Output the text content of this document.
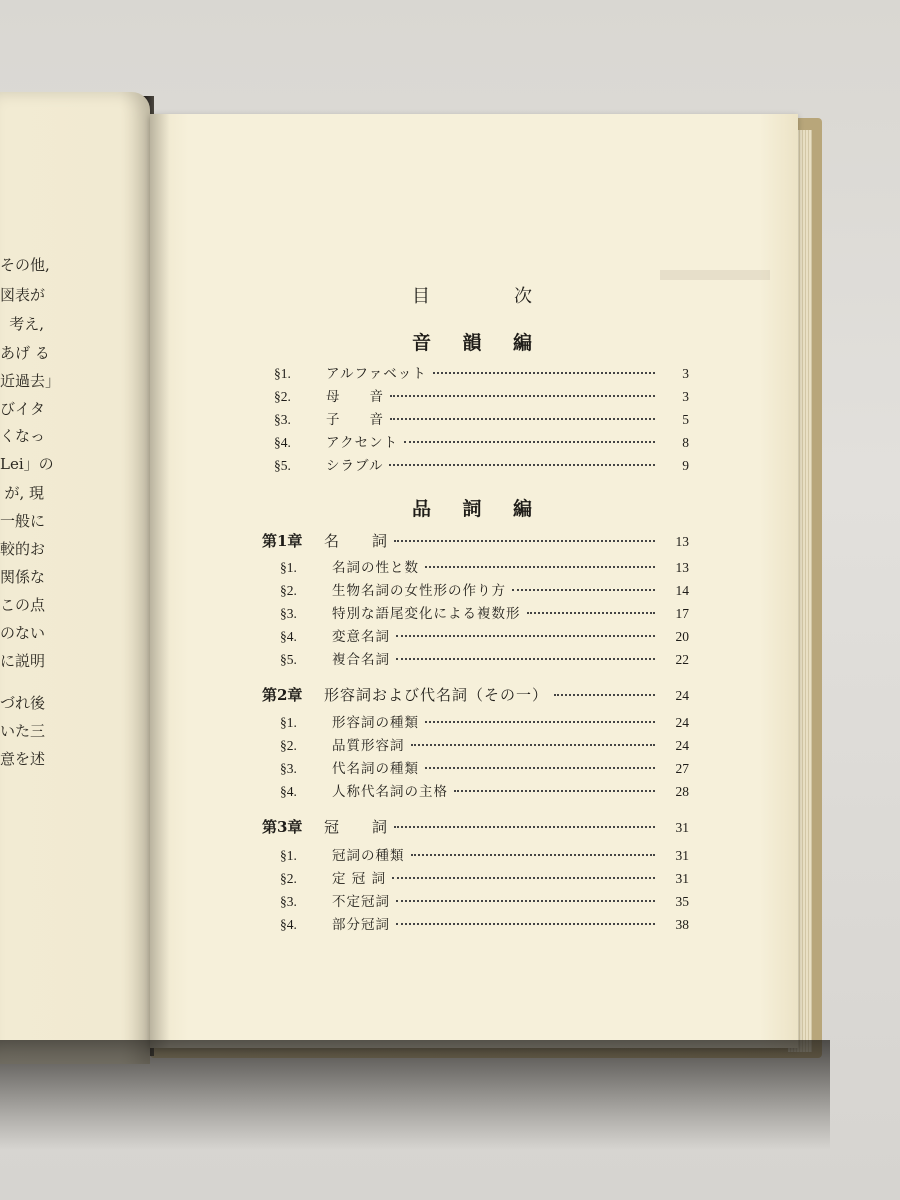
その他,
図表が
考え,
あげ る
近過去」
びイタ
くなっ
Lei」の
が, 現
一般に
較的お
関係な
この点
のない
に説明
づれ後
いた三
意を述
目	次
音 韻 編
§1.	アルファベット	3
§2.	母　　音	3
§3.	子　　音	5
§4.	アクセント	8
§5.	シラブル	9
品 詞 編
第1章	名　　詞	13
§1.	名詞の性と数	13
§2.	生物名詞の女性形の作り方	14
§3.	特別な語尾変化による複数形	17
§4.	変意名詞	20
§5.	複合名詞	22
第2章	形容詞および代名詞（その一）	24
§1.	形容詞の種類	24
§2.	品質形容詞	24
§3.	代名詞の種類	27
§4.	人称代名詞の主格	28
第3章	冠　　詞	31
§1.	冠詞の種類	31
§2.	定 冠 詞	31
§3.	不定冠詞	35
§4.	部分冠詞	38
